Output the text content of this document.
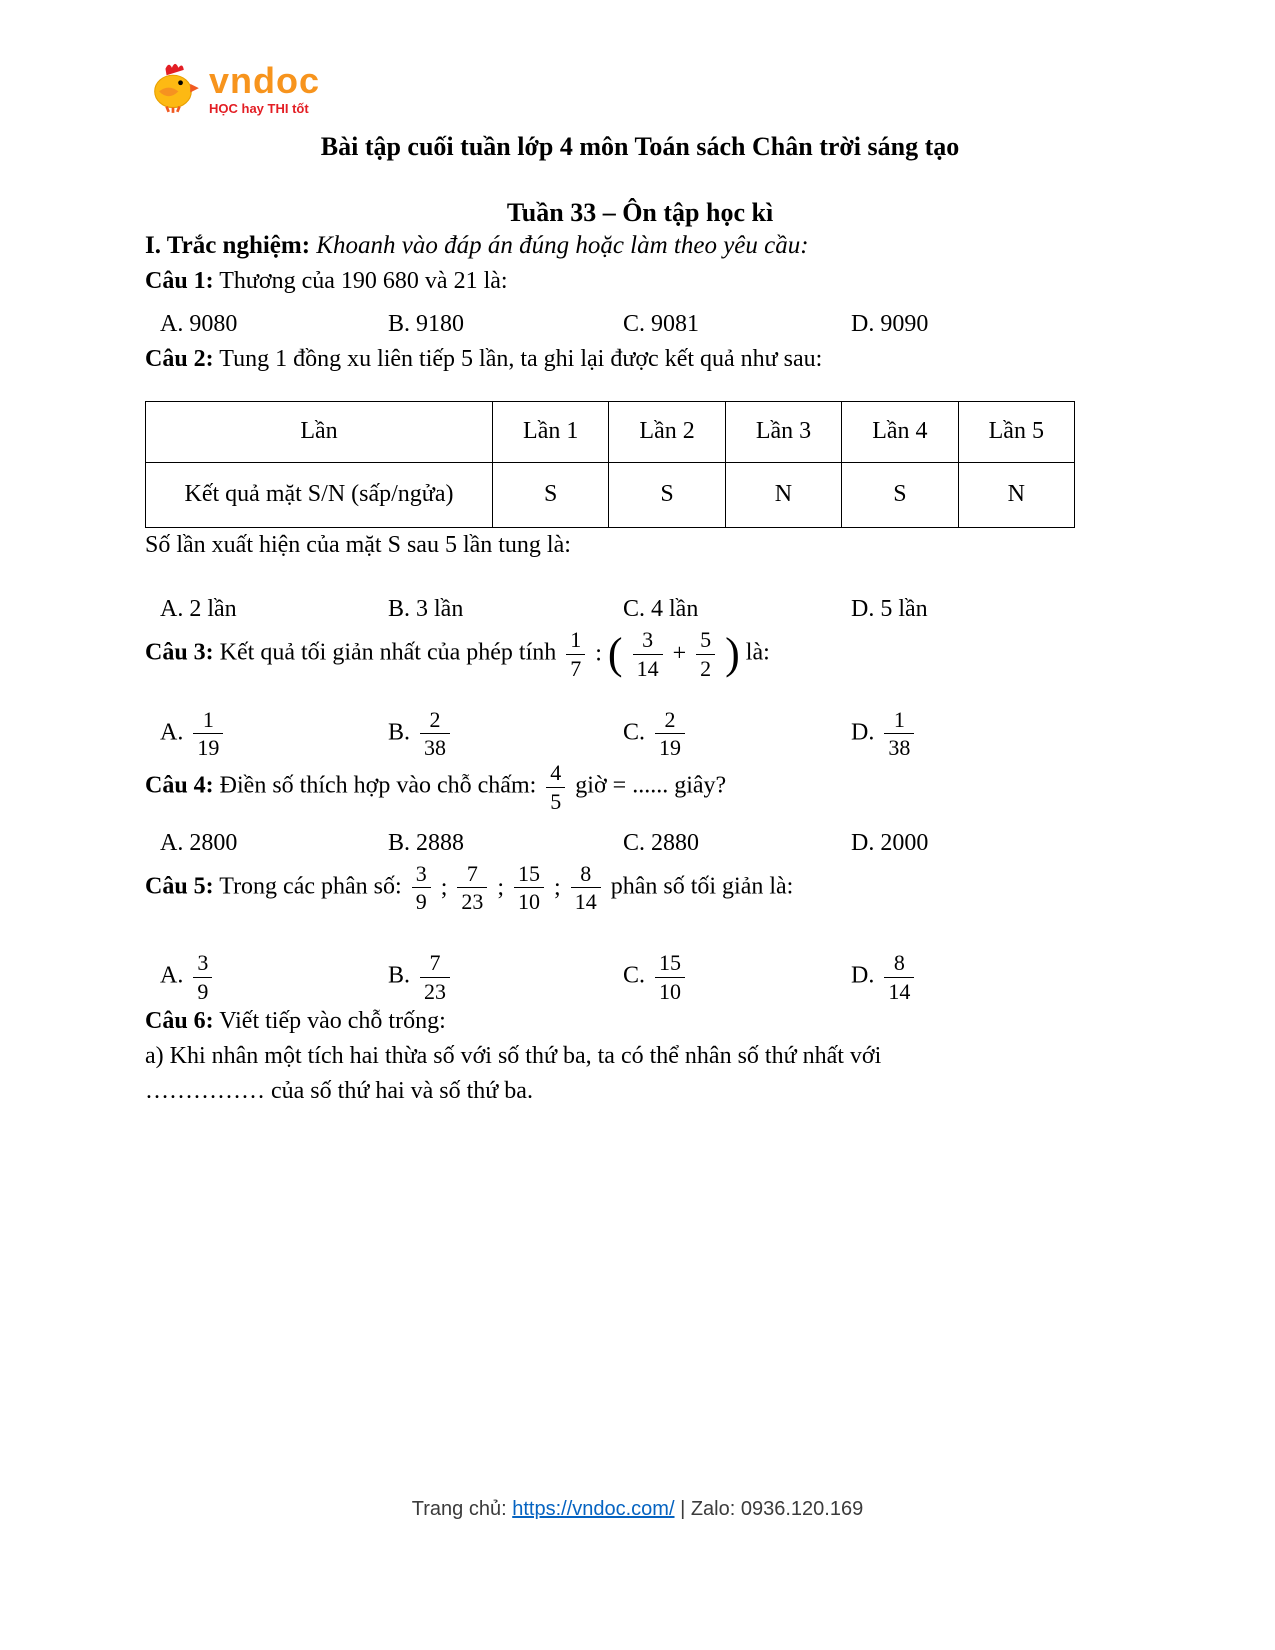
vndoc
HỌC hay THI tốt
Bài tập cuối tuần lớp 4 môn Toán sách Chân trời sáng tạo
Tuần 33 – Ôn tập học kì

I. Trắc nghiệm: Khoanh vào đáp án đúng hoặc làm theo yêu cầu:

Câu 1: Thương của 190 680 và 21 là:

A. 9080	B. 9180	C. 9081	D. 9090

Câu 2: Tung 1 đồng xu liên tiếp 5 lần, ta ghi lại được kết quả như sau:

Lần	Lần 1	Lần 2	Lần 3	Lần 4	Lần 5
Kết quả mặt S/N (sấp/ngửa)	S	S	N	S	N

Số lần xuất hiện của mặt S sau 5 lần tung là:

A. 2 lần	B. 3 lần	C. 4 lần	D. 5 lần

Câu 3: Kết quả tối giản nhất của phép tính $\frac{1}{7}$ : ( $\frac{3}{14} + \frac{5}{2}$ ) là:

A. $\frac{1}{19}$	B. $\frac{2}{38}$	C. $\frac{2}{19}$	D. $\frac{1}{38}$

Câu 4: Điền số thích hợp vào chỗ chấm: $\frac{4}{5}$ giờ = ...... giây?

A. 2800	B. 2888	C. 2880	D. 2000

Câu 5: Trong các phân số: $\frac{3}{9}$ ; $\frac{7}{23}$ ; $\frac{15}{10}$ ; $\frac{8}{14}$ phân số tối giản là:

A. $\frac{3}{9}$	B. $\frac{7}{23}$	C. $\frac{15}{10}$	D. $\frac{8}{14}$

Câu 6: Viết tiếp vào chỗ trống:

a) Khi nhân một tích hai thừa số với số thứ ba, ta có thể nhân số thứ nhất với

…………… của số thứ hai và số thứ ba.

Trang chủ: https://vndoc.com/ | Zalo: 0936.120.169
